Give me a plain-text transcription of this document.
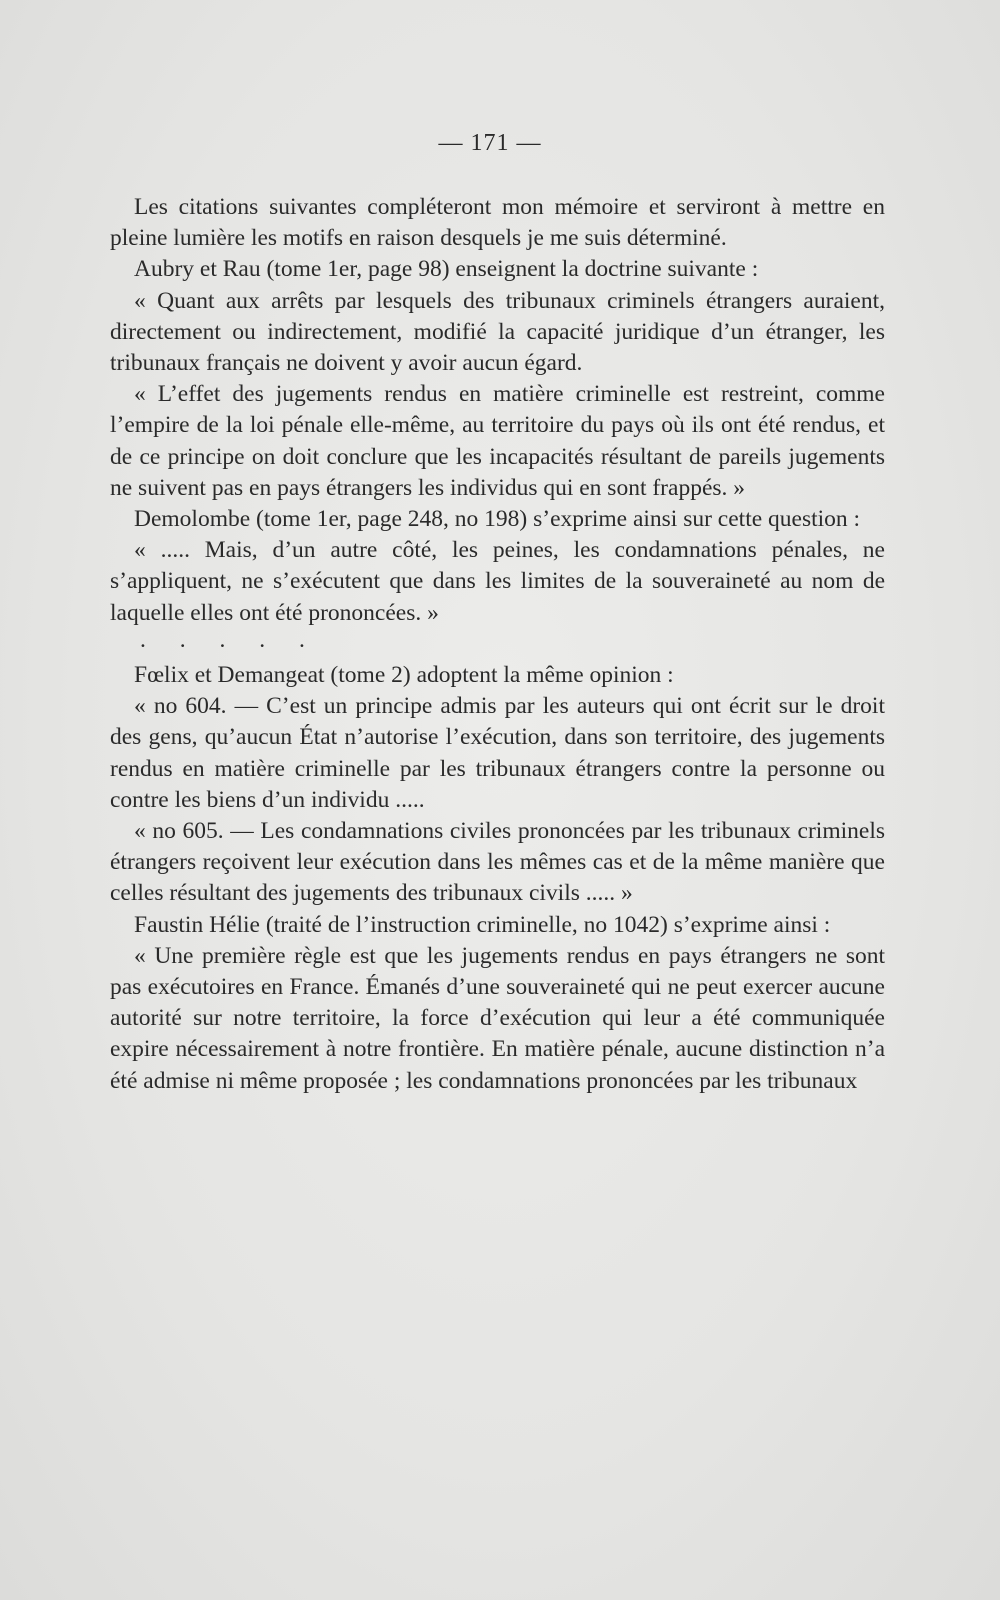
— 171 —

Les citations suivantes compléteront mon mémoire et serviront à mettre en pleine lumière les motifs en raison desquels je me suis déterminé.

Aubry et Rau (tome 1er, page 98) enseignent la doctrine suivante :

« Quant aux arrêts par lesquels des tribunaux criminels étrangers auraient, directement ou indirectement, modifié la capacité juridique d’un étranger, les tribunaux français ne doivent y avoir aucun égard.

« L’effet des jugements rendus en matière criminelle est restreint, comme l’empire de la loi pénale elle-même, au territoire du pays où ils ont été rendus, et de ce principe on doit conclure que les incapacités résultant de pareils jugements ne suivent pas en pays étrangers les individus qui en sont frappés. »

Demolombe (tome 1er, page 248, no 198) s’exprime ainsi sur cette question :

« ..... Mais, d’un autre côté, les peines, les condamnations pénales, ne s’appliquent, ne s’exécutent que dans les limites de la souveraineté au nom de laquelle elles ont été prononcées. »

. . . . .

Fœlix et Demangeat (tome 2) adoptent la même opinion :

« no 604. — C’est un principe admis par les auteurs qui ont écrit sur le droit des gens, qu’aucun État n’autorise l’exécution, dans son territoire, des jugements rendus en matière criminelle par les tribunaux étrangers contre la personne ou contre les biens d’un individu .....

« no 605. — Les condamnations civiles prononcées par les tribunaux criminels étrangers reçoivent leur exécution dans les mêmes cas et de la même manière que celles résultant des jugements des tribunaux civils ..... »

Faustin Hélie (traité de l’instruction criminelle, no 1042) s’exprime ainsi :

« Une première règle est que les jugements rendus en pays étrangers ne sont pas exécutoires en France. Émanés d’une souveraineté qui ne peut exercer aucune autorité sur notre territoire, la force d’exécution qui leur a été communiquée expire nécessairement à notre frontière. En matière pénale, aucune distinction n’a été admise ni même proposée ; les condamnations prononcées par les tribunaux
